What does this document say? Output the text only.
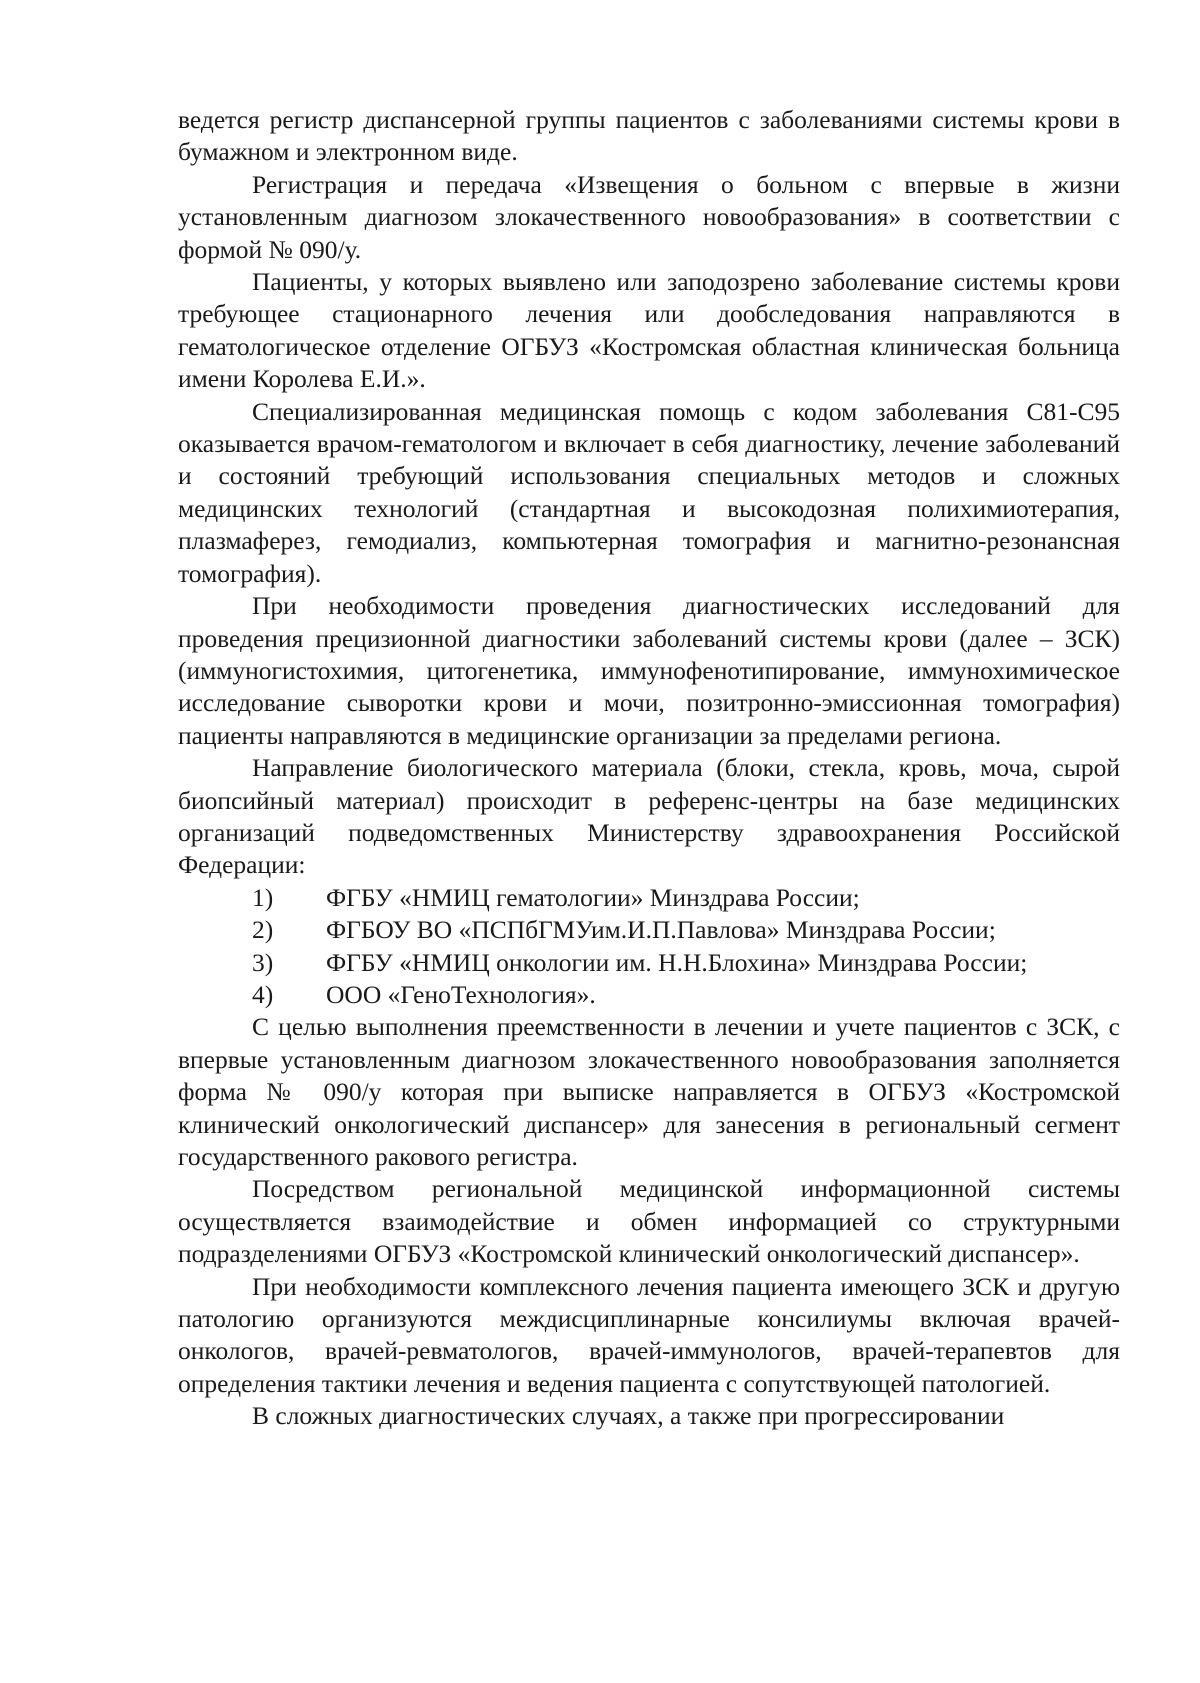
ведется регистр диспансерной группы пациентов с заболеваниями системы крови в бумажном и электронном виде.

Регистрация и передача «Извещения о больном с впервые в жизни установленным диагнозом злокачественного новообразования» в соответствии с формой № 090/у.

Пациенты, у которых выявлено или заподозрено заболевание системы крови требующее стационарного лечения или дообследования направляются в гематологическое отделение ОГБУЗ «Костромская областная клиническая больница имени Королева Е.И.».

Специализированная медицинская помощь с кодом заболевания С81-С95 оказывается врачом-гематологом и включает в себя диагностику, лечение заболеваний и состояний требующий использования специальных методов и сложных медицинских технологий (стандартная и высокодозная полихимиотерапия, плазмаферез, гемодиализ, компьютерная томография и магнитно-резонансная томография).

При необходимости проведения диагностических исследований для проведения прецизионной диагностики заболеваний системы крови (далее – ЗСК) (иммуногистохимия, цитогенетика, иммунофенотипирование, иммунохимическое исследование сыворотки крови и мочи, позитронно-эмиссионная томография) пациенты направляются в медицинские организации за пределами региона.

Направление биологического материала (блоки, стекла, кровь, моча, сырой биопсийный материал) происходит в референс-центры на базе медицинских организаций подведомственных Министерству здравоохранения Российской Федерации:

1)	ФГБУ «НМИЦ гематологии» Минздрава России;
2)	ФГБОУ ВО «ПСПбГМУим.И.П.Павлова» Минздрава России;
3)	ФГБУ «НМИЦ онкологии им. Н.Н.Блохина» Минздрава России;
4)	ООО «ГеноТехнология».

С целью выполнения преемственности в лечении и учете пациентов с ЗСК, с впервые установленным диагнозом злокачественного новообразования заполняется форма № 090/у которая при выписке направляется в ОГБУЗ «Костромской клинический онкологический диспансер» для занесения в региональный сегмент государственного ракового регистра.

Посредством региональной медицинской информационной системы осуществляется взаимодействие и обмен информацией со структурными подразделениями ОГБУЗ «Костромской клинический онкологический диспансер».

При необходимости комплексного лечения пациента имеющего ЗСК и другую патологию организуются междисциплинарные консилиумы включая врачей- онкологов, врачей-ревматологов, врачей-иммунологов, врачей-терапевтов для определения тактики лечения и ведения пациента с сопутствующей патологией.

В сложных диагностических случаях, а также при прогрессировании
